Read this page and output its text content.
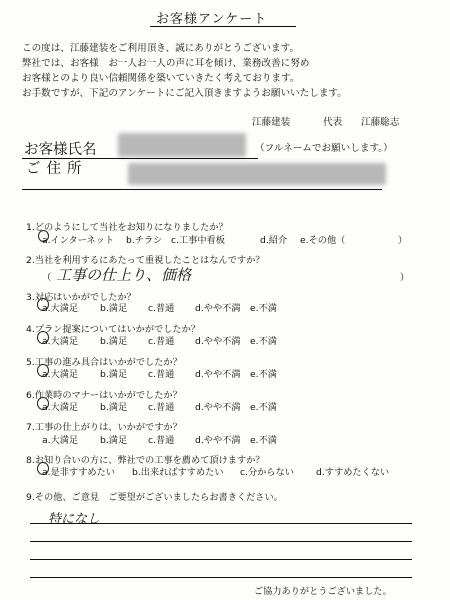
お客様アンケート
この度は、江藤建装をご利用頂き、誠にありがとうございます。
弊社では、お客様　お一人お一人の声に耳を傾け、業務改善に努め
お客様とのより良い信頼関係を築いていきたく考えております。
お手数ですが、下記のアンケートにご記入頂きますようお願いいたします。
江藤建装	代表 江藤聡志
お客様氏名	（フルネームでお願いします。）
ご住所
1.どのようにして当社をお知りになりましたか？
a.インターネット b.チラシ c.工事中看板	d.紹介 e.その他（	）
2.当社を利用するにあたって重視したことはなんですか？
（ 工事の仕上り、価格	）
3.対応はいかがでしたか？
a.大満足 b.満足 c.普通 d.やや不満 e.不満
4.プラン提案についてはいかがでしたか？
a.大満足 b.満足 c.普通 d.やや不満 e.不満
5.工事の進み具合はいかがでしたか？
a.大満足 b.満足 c.普通 d.やや不満 e.不満
6.作業時のマナーはいかがでしたか？
a.大満足 b.満足 c.普通 d.やや不満 e.不満
7.工事の仕上がりは、いかがですか？
a.大満足 b.満足 c.普通 d.やや不満 e.不満
8.お知り合いの方に、弊社での工事を薦めて頂けますか？
a.是非すすめたい b.出来ればすすめたい c.分からない d.すすめたくない
9.その他、ご意見　ご要望がございましたらお書きください。
特になし
ご協力ありがとうございました。
